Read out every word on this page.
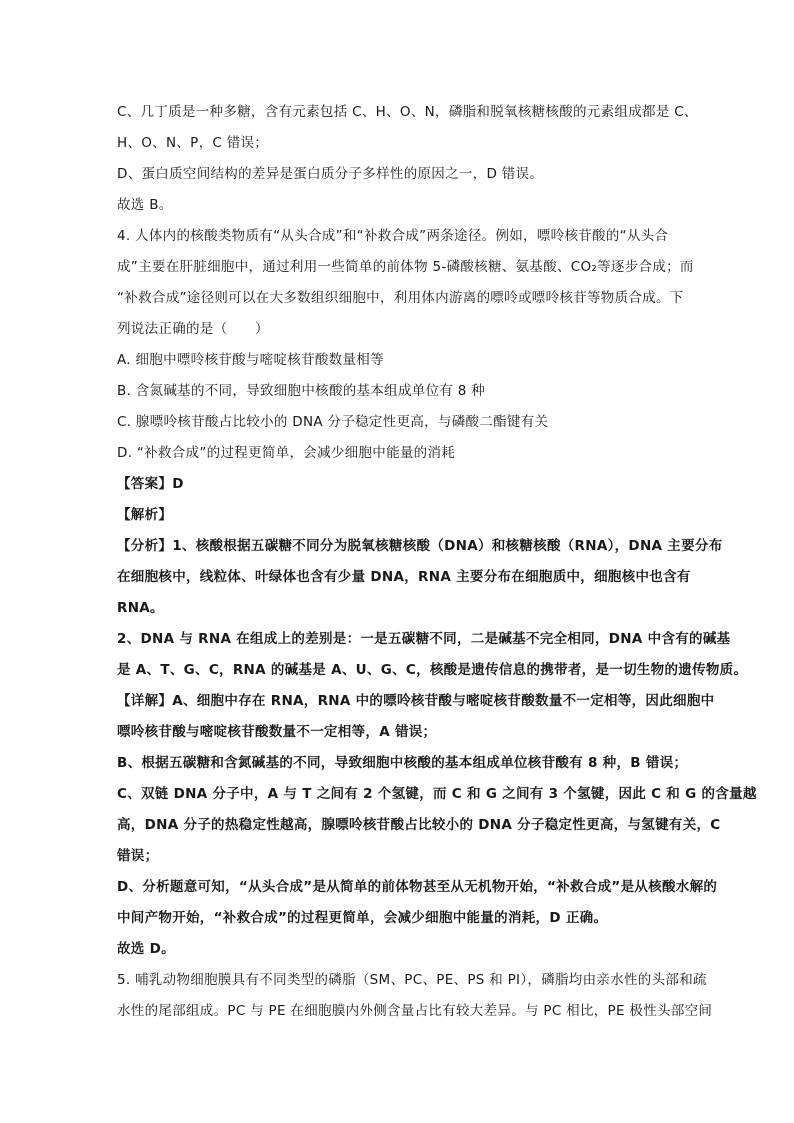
C、几丁质是一种多糖，含有元素包括 C、H、O、N，磷脂和脱氧核糖核酸的元素组成都是 C、

H、O、N、P，C 错误；

D、蛋白质空间结构的差异是蛋白质分子多样性的原因之一，D 错误。

故选 B。

4. 人体内的核酸类物质有“从头合成”和“补救合成”两条途径。例如，嘌呤核苷酸的“从头合

成”主要在肝脏细胞中，通过利用一些简单的前体物 5-磷酸核糖、氨基酸、CO₂等逐步合成；而

“补救合成”途径则可以在大多数组织细胞中，利用体内游离的嘌呤或嘌呤核苷等物质合成。下

列说法正确的是（　　）

A. 细胞中嘌呤核苷酸与嘧啶核苷酸数量相等

B. 含氮碱基的不同，导致细胞中核酸的基本组成单位有 8 种

C. 腺嘌呤核苷酸占比较小的 DNA 分子稳定性更高，与磷酸二酯键有关

D. “补救合成”的过程更简单，会减少细胞中能量的消耗

【答案】D

【解析】

【分析】1、核酸根据五碳糖不同分为脱氧核糖核酸（DNA）和核糖核酸（RNA），DNA 主要分布

在细胞核中，线粒体、叶绿体也含有少量 DNA，RNA 主要分布在细胞质中，细胞核中也含有

RNA。

2、DNA 与 RNA 在组成上的差别是：一是五碳糖不同，二是碱基不完全相同，DNA 中含有的碱基

是 A、T、G、C，RNA 的碱基是 A、U、G、C，核酸是遗传信息的携带者，是一切生物的遗传物质。

【详解】A、细胞中存在 RNA，RNA 中的嘌呤核苷酸与嘧啶核苷酸数量不一定相等，因此细胞中

嘌呤核苷酸与嘧啶核苷酸数量不一定相等，A 错误；

B、根据五碳糖和含氮碱基的不同，导致细胞中核酸的基本组成单位核苷酸有 8 种，B 错误；

C、双链 DNA 分子中，A 与 T 之间有 2 个氢键，而 C 和 G 之间有 3 个氢键，因此 C 和 G 的含量越

高，DNA 分子的热稳定性越高，腺嘌呤核苷酸占比较小的 DNA 分子稳定性更高，与氢键有关，C

错误；

D、分析题意可知，“从头合成”是从简单的前体物甚至从无机物开始，“补救合成”是从核酸水解的

中间产物开始，“补救合成”的过程更简单，会减少细胞中能量的消耗，D 正确。

故选 D。

5. 哺乳动物细胞膜具有不同类型的磷脂（SM、PC、PE、PS 和 PI），磷脂均由亲水性的头部和疏

水性的尾部组成。PC 与 PE 在细胞膜内外侧含量占比有较大差异。与 PC 相比，PE 极性头部空间
